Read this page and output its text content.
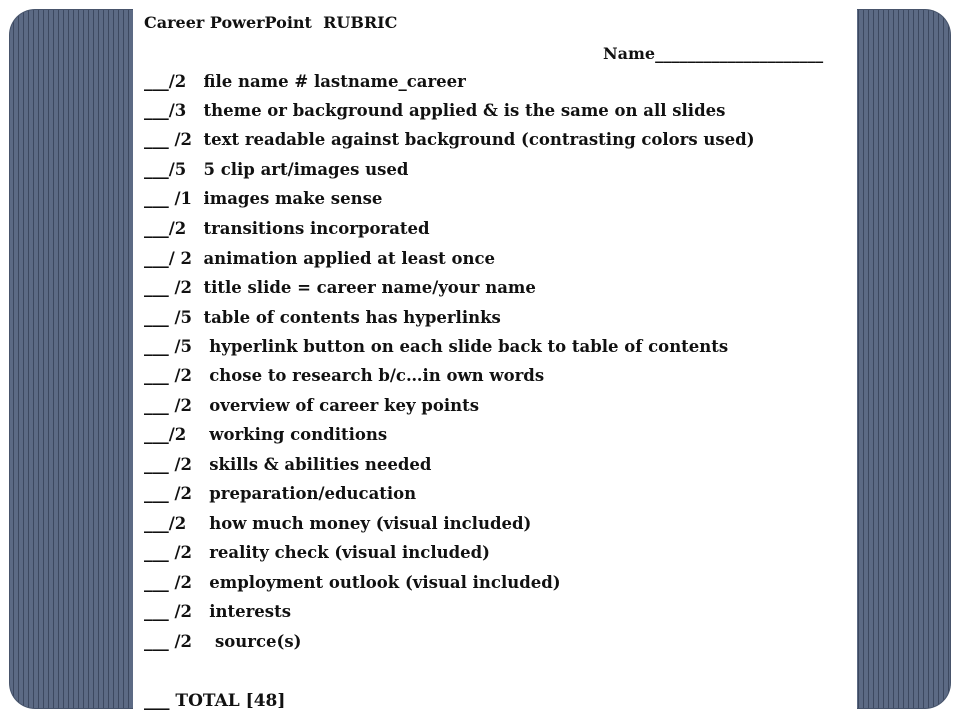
Career PowerPoint  RUBRIC
Name_____________________
___/2   file name # lastname_career
___/3   theme or background applied & is the same on all slides
___ /2  text readable against background (contrasting colors used)
___/5   5 clip art/images used
___ /1  images make sense
___/2   transitions incorporated
___/ 2  animation applied at least once
___ /2  title slide = career name/your name
___ /5  table of contents has hyperlinks
___ /5   hyperlink button on each slide back to table of contents
___ /2   chose to research b/c…in own words
___ /2   overview of career key points
___/2    working conditions
___ /2   skills & abilities needed
___ /2   preparation/education
___/2    how much money (visual included)
___ /2   reality check (visual included)
___ /2   employment outlook (visual included)
___ /2   interests
___ /2    source(s)
___ TOTAL [48]
